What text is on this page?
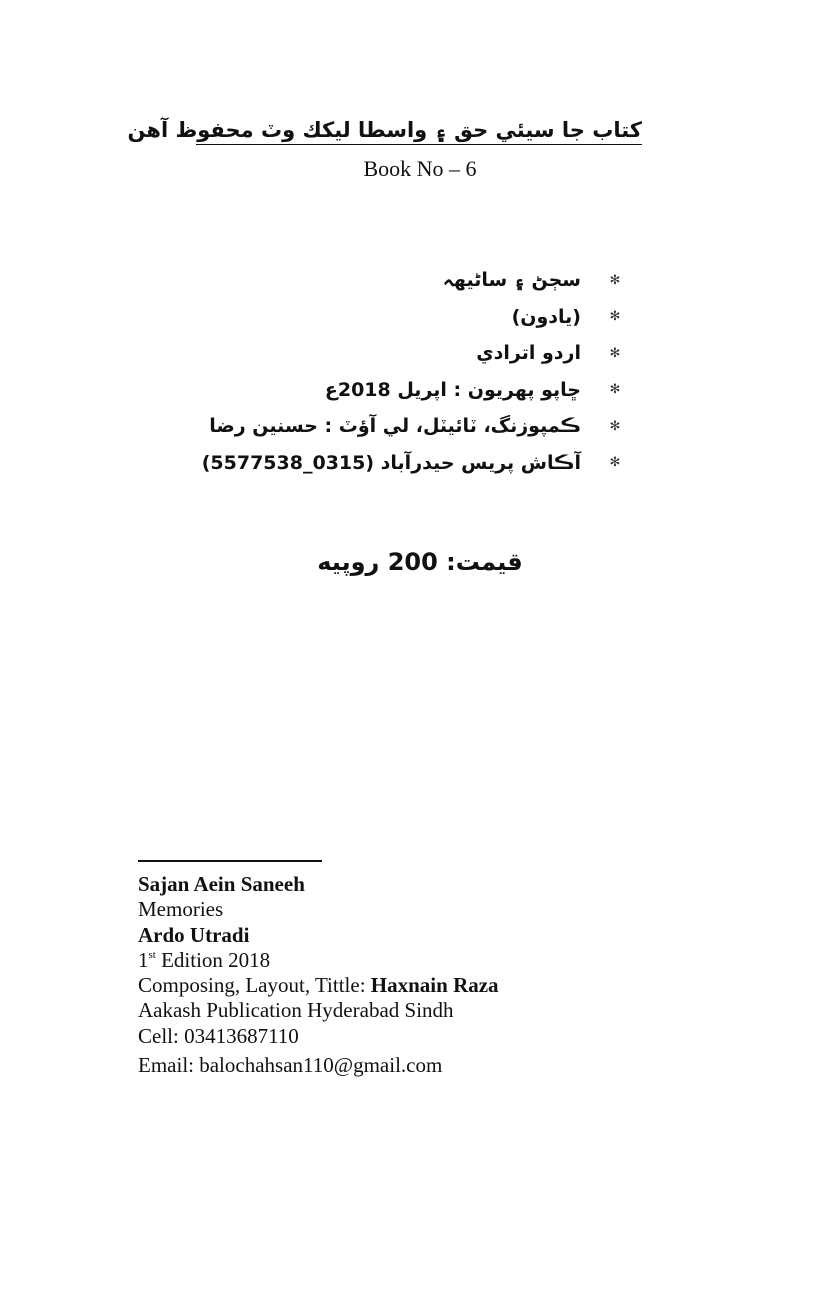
كتاب جا سيئي حق ۽ واسطا ليكك وٽ محفوظ آهن
Book No – 6
✻
سڄڻ ۽ ساڻيهہ
✻
(يادون)
✻
اردو اترادي
✻
ڇاپو پهريون : اپريل 2018ع
✻
ڪمپوزنگ، ٽائيٽل، لي آؤٽ : حسنين رضا
✻
آڪاش پريس حيدرآباد (0315_5577538)
قيمت: 200 روپيه
Sajan Aein Saneeh
Memories
Ardo Utradi
1st Edition 2018
Composing, Layout, Tittle: Haxnain Raza
Aakash Publication Hyderabad Sindh
Cell: 03413687110
Email: balochahsan110@gmail.com
